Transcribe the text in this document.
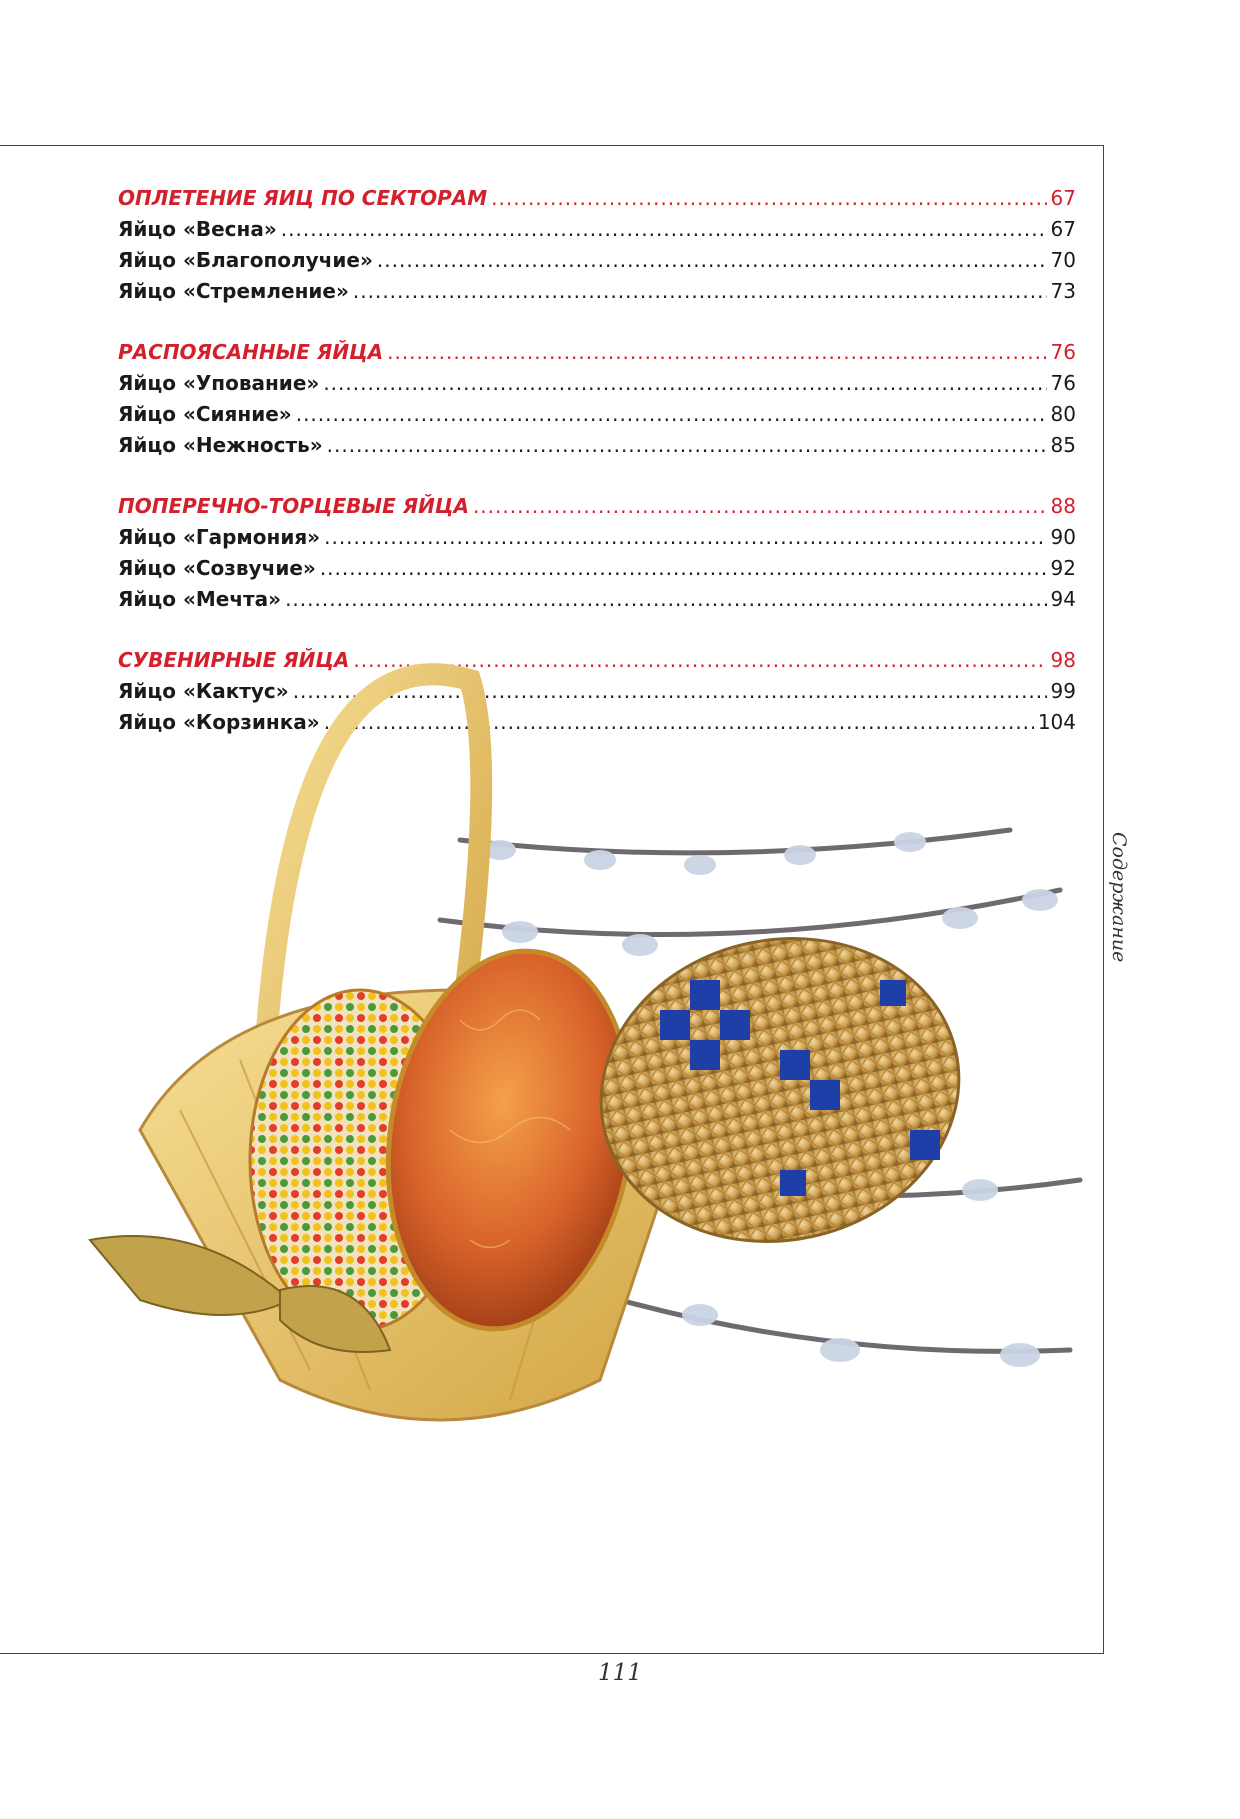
ОПЛЕТЕНИЕ ЯИЦ ПО СЕКТОРАМ .....	67
Яйцо «Весна» .....	67
Яйцо «Благополучие» .....	70
Яйцо «Стремление» .....	73
РАСПОЯСАННЫЕ ЯЙЦА .....	76
Яйцо «Упование» .....	76
Яйцо «Сияние» .....	80
Яйцо «Нежность» .....	85
ПОПЕРЕЧНО-ТОРЦЕВЫЕ ЯЙЦА .....	88
Яйцо «Гармония» .....	90
Яйцо «Созвучие» .....	92
Яйцо «Мечта» .....	94
СУВЕНИРНЫЕ ЯЙЦА .....	98
Яйцо «Кактус» .....	99
Яйцо «Корзинка» .....	104
Содержание
111
